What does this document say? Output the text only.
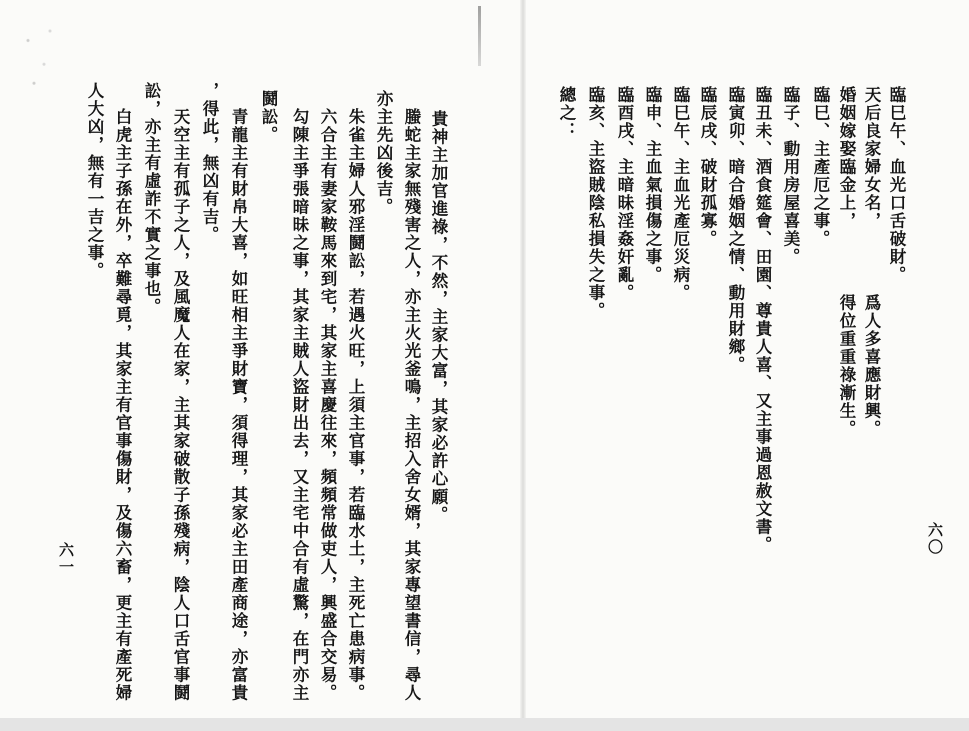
六〇
臨巳午、血光口舌破財。
天后良家婦女名，　　　　爲人多喜應財興。
婚姻嫁娶臨金上，　　　　得位重重祿漸生。
臨巳、主產厄之事。
臨子、動用房屋喜美。
臨丑未、酒食筵會、田園、尊貴人喜、又主事過恩赦文書。
臨寅卯、暗合婚姻之情、動用財鄉。
臨辰戌、破財孤寡。
臨巳午、主血光產厄災病。
臨申、主血氣損傷之事。
臨酉戌、主暗昧淫姦奸亂。
臨亥、主盜賊陰私損失之事。
總之：
貴神主加官進祿，不然，主家大富，其家必許心願。
　螣蛇主家無殘害之人，亦主火光釜鳴，主招入舍女婿，其家專望書信，尋人
亦主先凶後吉。
　朱雀主婦人邪淫鬪訟，若遇火旺，上須主官事，若臨水土，主死亡患病事。
　六合主有妻家鞍馬來到宅，其家主喜慶往來，頻頻常做吏人，興盛合交易。
　勾陳主爭張暗昧之事，其家主賊人盜財出去，又主宅中合有虛驚，在門亦主
鬪訟。
　青龍主有財帛大喜，如旺相主爭財寶，須得理，其家必主田產商途，亦富貴
，得此，無凶有吉。
　天空主有孤子之人，及風魔人在家，主其家破散子孫殘病，陰人口舌官事鬪
訟，亦主有虛詐不實之事也。
　白虎主子孫在外，卒難尋覓，其家主有官事傷財，及傷六畜，更主有產死婦
人大凶，無有一吉之事。
六一
